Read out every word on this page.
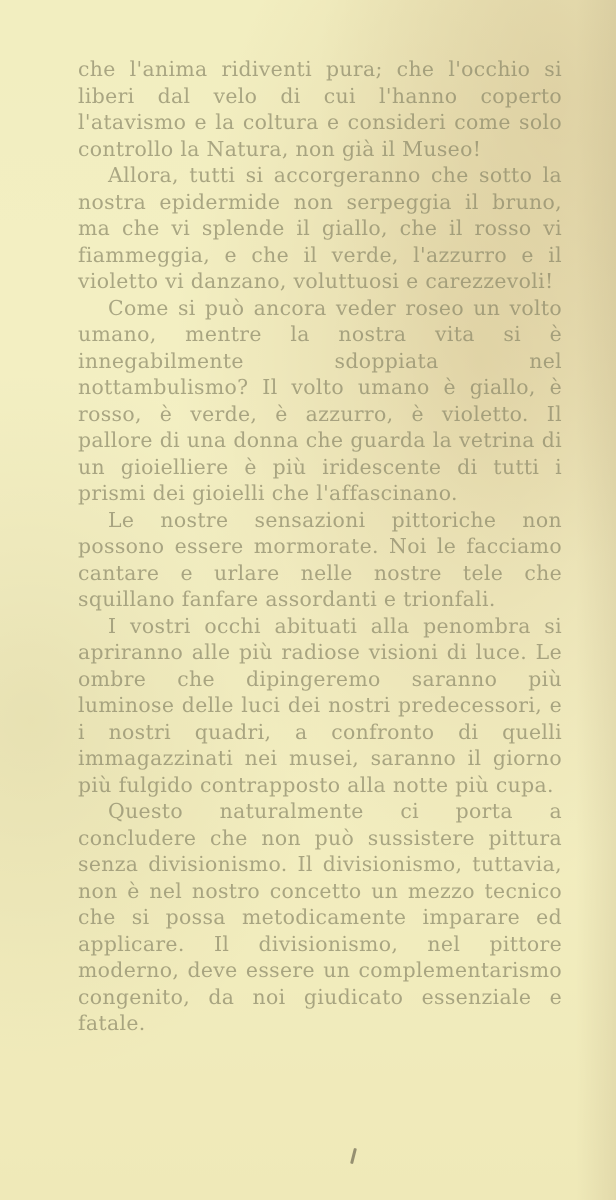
che l'anima ridiventi pura; che l'occhio si liberi dal velo di cui l'hanno coperto l'atavismo e la coltura e consideri come solo controllo la Natura, non già il Museo!

Allora, tutti si accorgeranno che sotto la nostra epidermide non serpeggia il bruno, ma che vi splende il giallo, che il rosso vi fiammeggia, e che il verde, l'azzurro e il violetto vi danzano, voluttuosi e carezzevoli!

Come si può ancora veder roseo un volto umano, mentre la nostra vita si è innegabilmente sdoppiata nel nottambulismo? Il volto umano è giallo, è rosso, è verde, è azzurro, è violetto. Il pallore di una donna che guarda la vetrina di un gioielliere è più iridescente di tutti i prismi dei gioielli che l'affascinano.

Le nostre sensazioni pittoriche non possono essere mormorate. Noi le facciamo cantare e urlare nelle nostre tele che squillano fanfare assordanti e trionfali.

I vostri occhi abituati alla penombra si apriranno alle più radiose visioni di luce. Le ombre che dipingeremo saranno più luminose delle luci dei nostri predecessori, e i nostri quadri, a confronto di quelli immagazzinati nei musei, saranno il giorno più fulgido contrapposto alla notte più cupa.

Questo naturalmente ci porta a concludere che non può sussistere pittura senza divisionismo. Il divisionismo, tuttavia, non è nel nostro concetto un mezzo tecnico che si possa metodicamente imparare ed applicare. Il divisionismo, nel pittore moderno, deve essere un complementarismo congenito, da noi giudicato essenziale e fatale.
